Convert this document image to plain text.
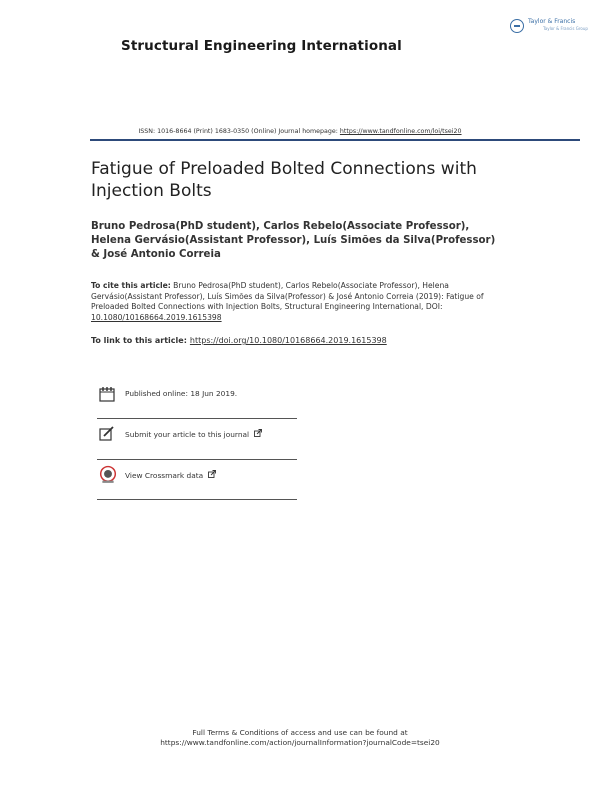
Structural Engineering International
Taylor & Francis
Taylor & Francis Group
ISSN: 1016-8664 (Print) 1683-0350 (Online) Journal homepage: https://www.tandfonline.com/loi/tsei20
Fatigue of Preloaded Bolted Connections with Injection Bolts
Bruno Pedrosa(PhD student), Carlos Rebelo(Associate Professor), Helena Gervásio(Assistant Professor), Luís Simões da Silva(Professor) & José Antonio Correia
To cite this article: Bruno Pedrosa(PhD student), Carlos Rebelo(Associate Professor), Helena Gervásio(Assistant Professor), Luís Simões da Silva(Professor) & José Antonio Correia (2019): Fatigue of Preloaded Bolted Connections with Injection Bolts, Structural Engineering International, DOI: 10.1080/10168664.2019.1615398
To link to this article: https://doi.org/10.1080/10168664.2019.1615398
Published online: 18 Jun 2019.
Submit your article to this journal
View Crossmark data
Full Terms & Conditions of access and use can be found at
https://www.tandfonline.com/action/journalInformation?journalCode=tsei20
